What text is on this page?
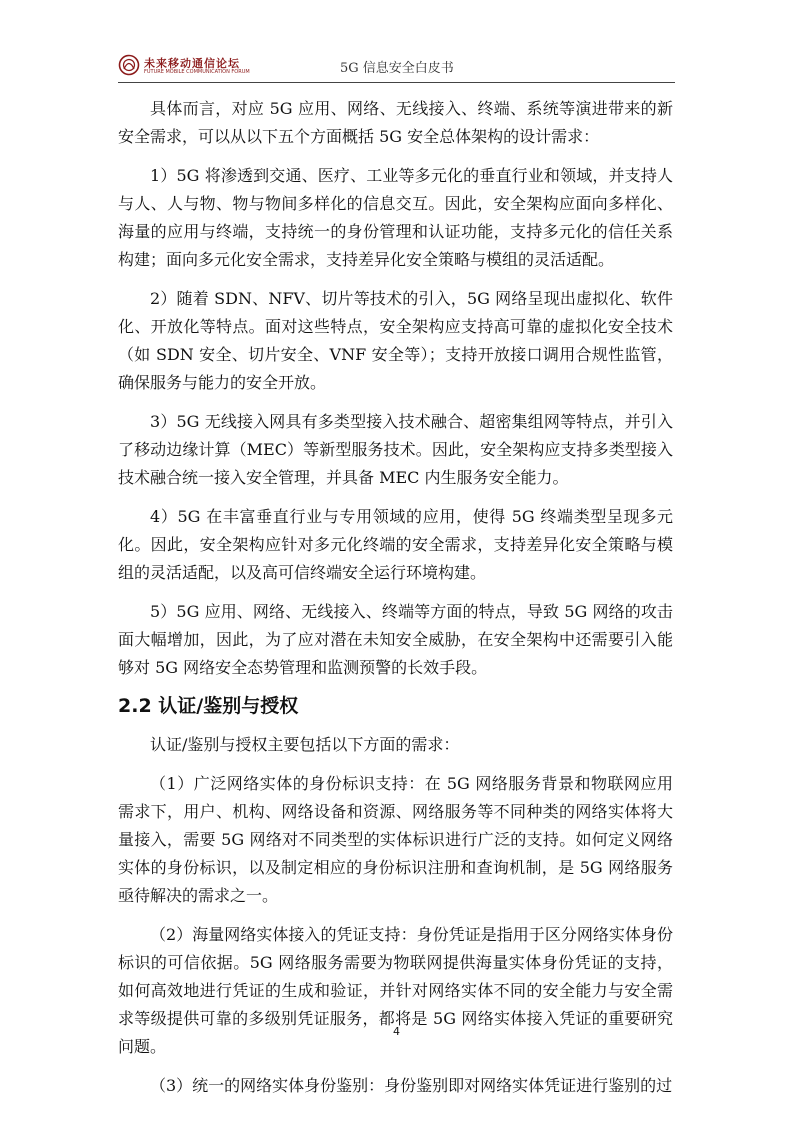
未来移动通信论坛
FUTURE MOBILE COMMUNICATION FORUM	5G 信息安全白皮书

具体而言，对应 5G 应用、网络、无线接入、终端、系统等演进带来的新安全需求，可以从以下五个方面概括 5G 安全总体架构的设计需求：

1）5G 将渗透到交通、医疗、工业等多元化的垂直行业和领域，并支持人与人、人与物、物与物间多样化的信息交互。因此，安全架构应面向多样化、海量的应用与终端，支持统一的身份管理和认证功能，支持多元化的信任关系构建；面向多元化安全需求，支持差异化安全策略与模组的灵活适配。

2）随着 SDN、NFV、切片等技术的引入，5G 网络呈现出虚拟化、软件化、开放化等特点。面对这些特点，安全架构应支持高可靠的虚拟化安全技术（如 SDN 安全、切片安全、VNF 安全等）；支持开放接口调用合规性监管，确保服务与能力的安全开放。

3）5G 无线接入网具有多类型接入技术融合、超密集组网等特点，并引入了移动边缘计算（MEC）等新型服务技术。因此，安全架构应支持多类型接入技术融合统一接入安全管理，并具备 MEC 内生服务安全能力。

4）5G 在丰富垂直行业与专用领域的应用，使得 5G 终端类型呈现多元化。因此，安全架构应针对多元化终端的安全需求，支持差异化安全策略与模组的灵活适配，以及高可信终端安全运行环境构建。

5）5G 应用、网络、无线接入、终端等方面的特点，导致 5G 网络的攻击面大幅增加，因此，为了应对潜在未知安全威胁，在安全架构中还需要引入能够对 5G 网络安全态势管理和监测预警的长效手段。

2.2 认证/鉴别与授权

认证/鉴别与授权主要包括以下方面的需求：

（1）广泛网络实体的身份标识支持：在 5G 网络服务背景和物联网应用需求下，用户、机构、网络设备和资源、网络服务等不同种类的网络实体将大量接入，需要 5G 网络对不同类型的实体标识进行广泛的支持。如何定义网络实体的身份标识，以及制定相应的身份标识注册和查询机制，是 5G 网络服务亟待解决的需求之一。

（2）海量网络实体接入的凭证支持：身份凭证是指用于区分网络实体身份标识的可信依据。5G 网络服务需要为物联网提供海量实体身份凭证的支持，如何高效地进行凭证的生成和验证，并针对网络实体不同的安全能力与安全需求等级提供可靠的多级别凭证服务，都将是 5G 网络实体接入凭证的重要研究问题。

（3）统一的网络实体身份鉴别：身份鉴别即对网络实体凭证进行鉴别的过

4
